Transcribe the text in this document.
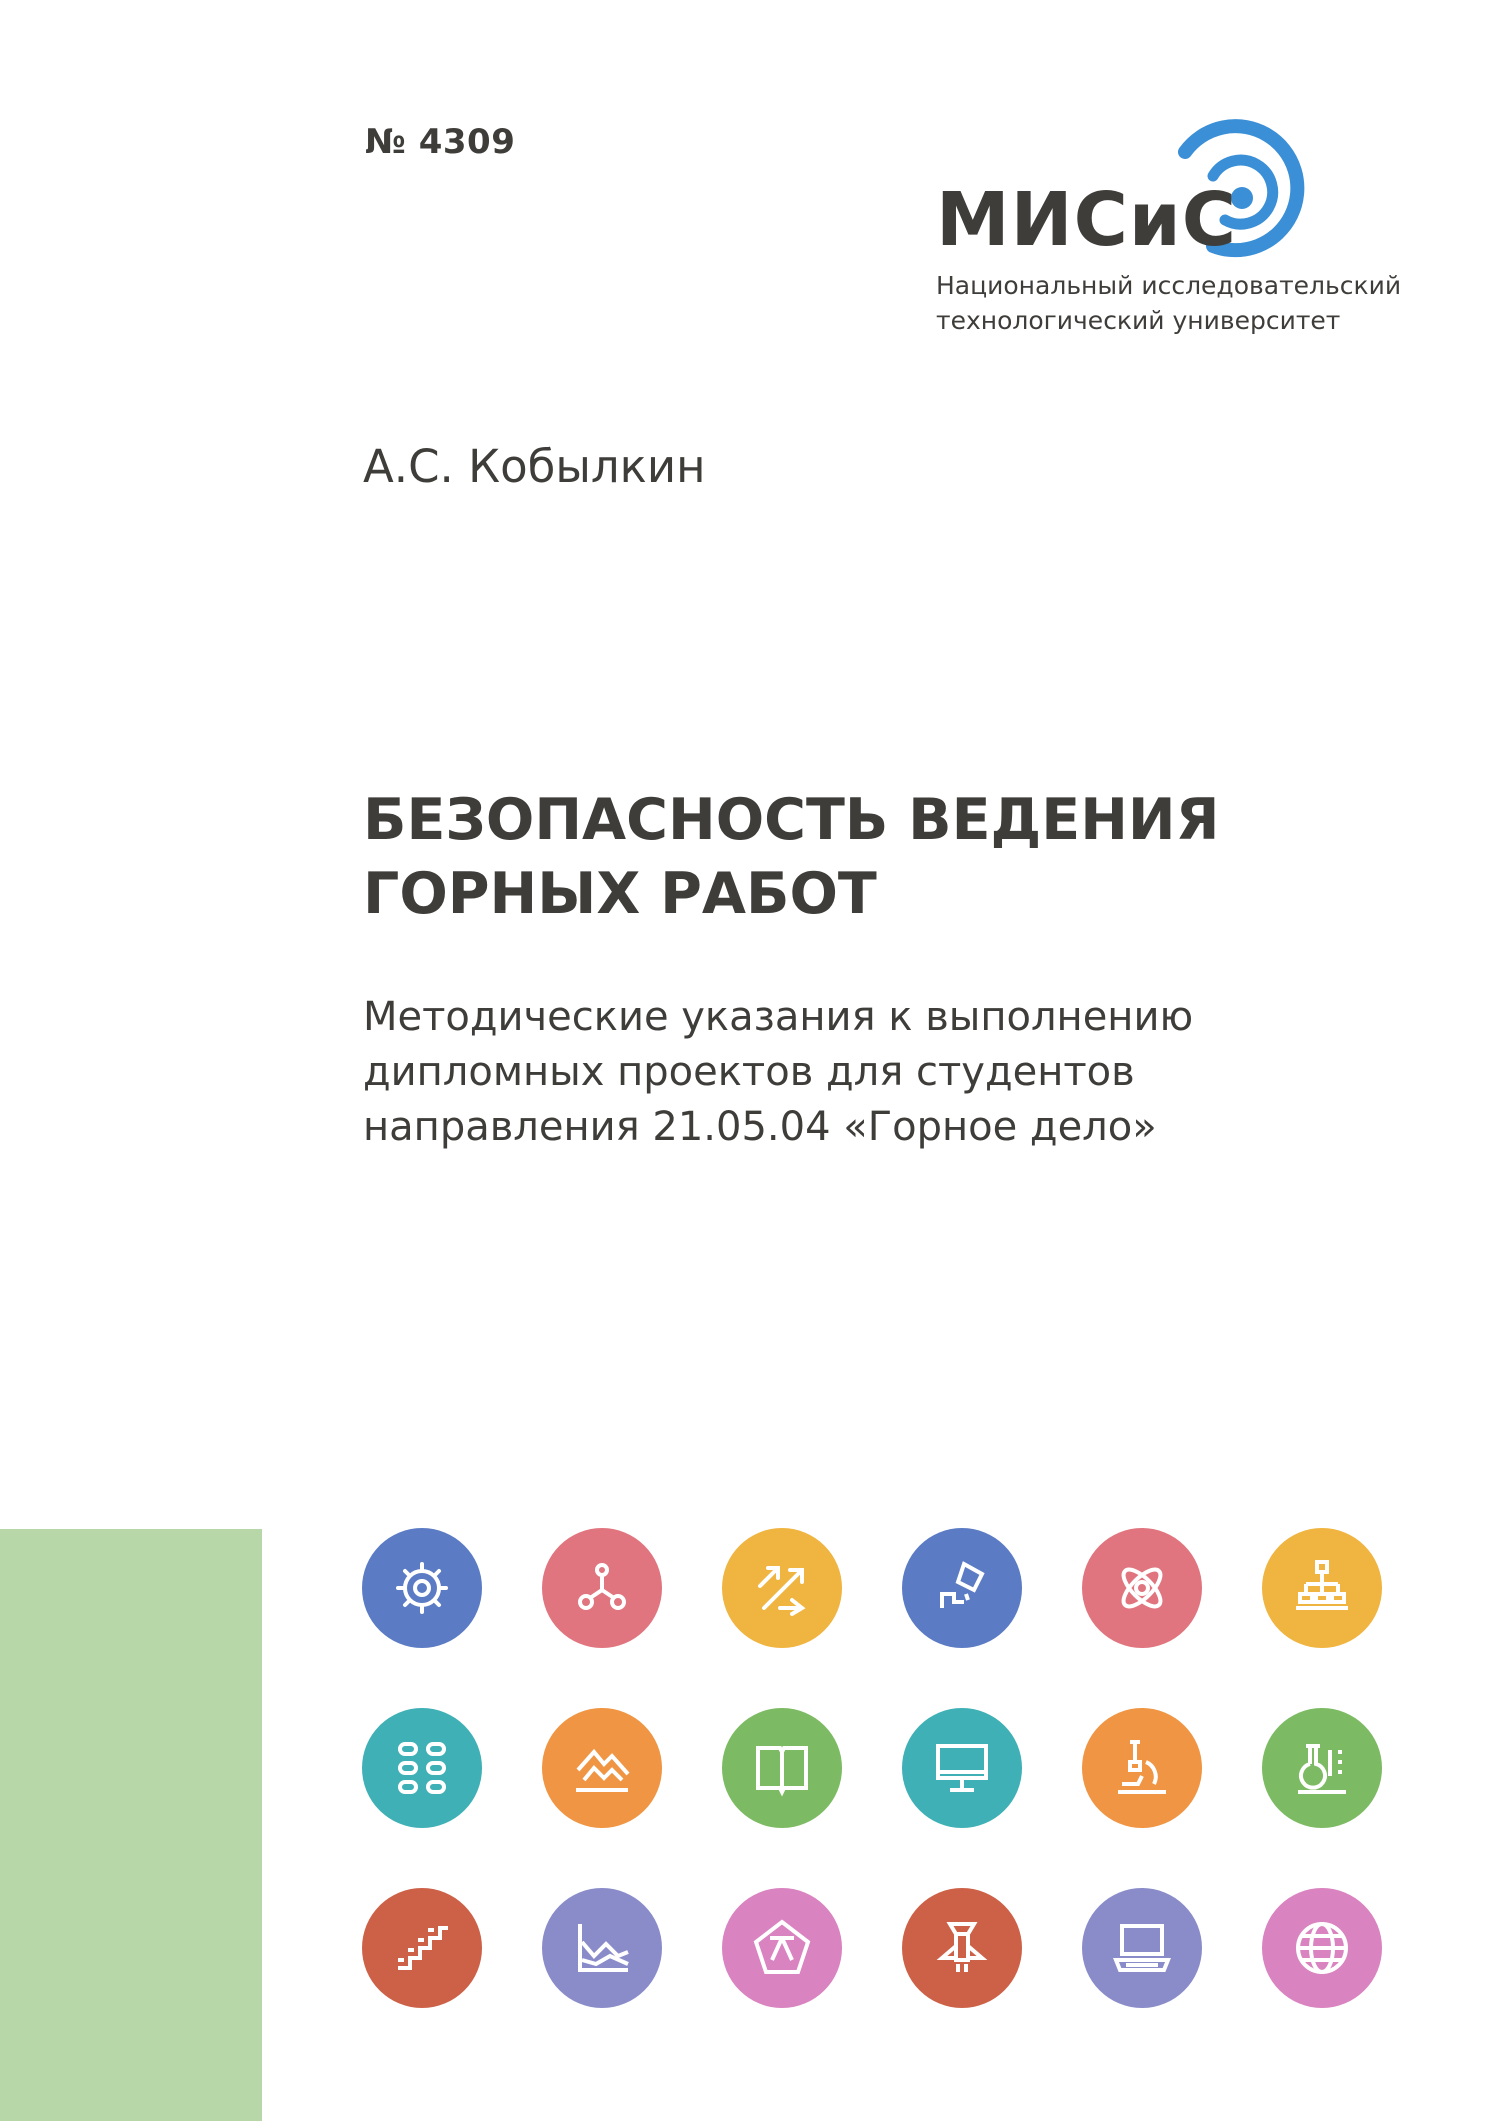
№ 4309
МИСиС
Национальный исследовательский
технологический университет
А.С. Кобылкин
БЕЗОПАСНОСТЬ ВЕДЕНИЯ
ГОРНЫХ РАБОТ
Методические указания к выполнению
дипломных проектов для студентов
направления 21.05.04 «Горное дело»
